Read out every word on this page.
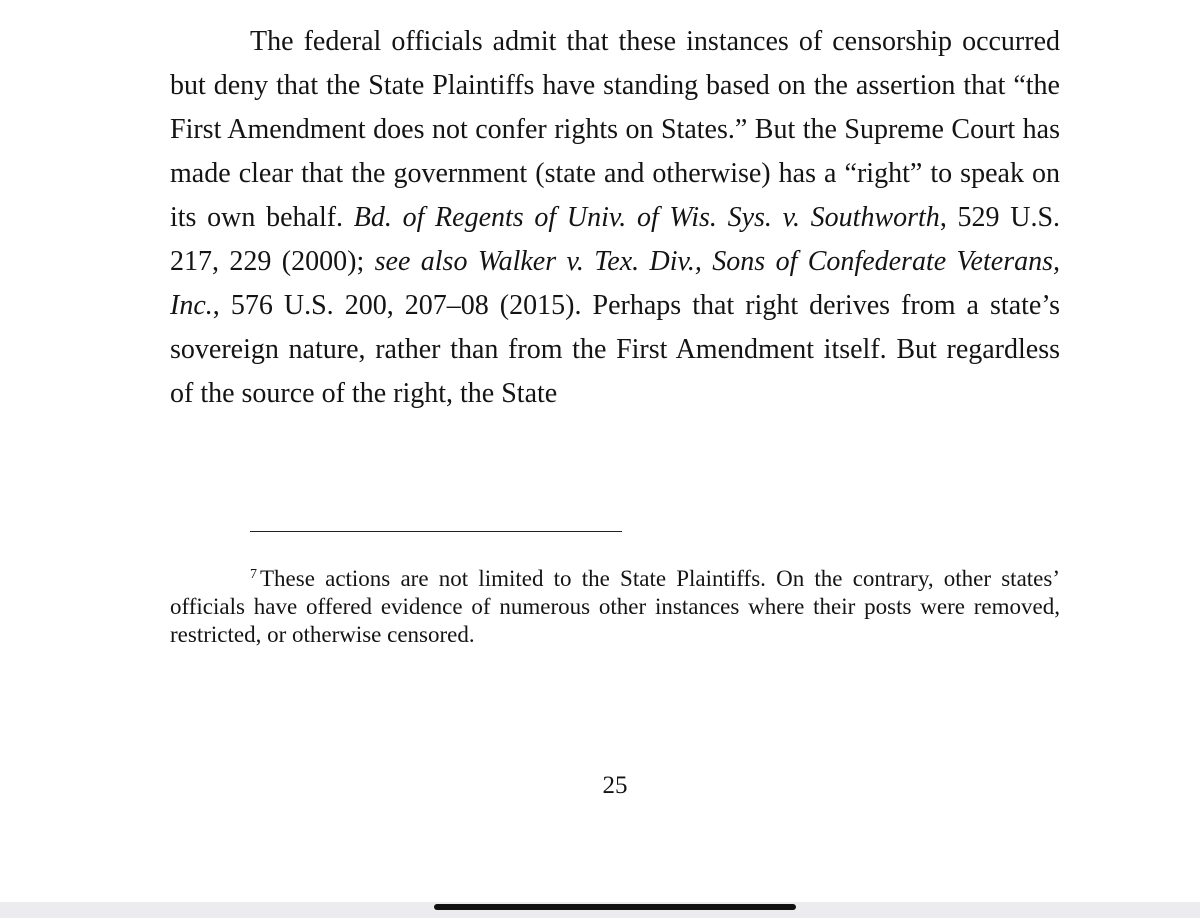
The federal officials admit that these instances of censorship occurred but deny that the State Plaintiffs have standing based on the assertion that “the First Amendment does not confer rights on States.” But the Supreme Court has made clear that the government (state and otherwise) has a “right” to speak on its own behalf. Bd. of Regents of Univ. of Wis. Sys. v. Southworth, 529 U.S. 217, 229 (2000); see also Walker v. Tex. Div., Sons of Confederate Veterans, Inc., 576 U.S. 200, 207–08 (2015). Perhaps that right derives from a state’s sovereign nature, rather than from the First Amendment itself. But regardless of the source of the right, the State

$^7$ These actions are not limited to the State Plaintiffs. On the contrary, other states’ officials have offered evidence of numerous other instances where their posts were removed, restricted, or otherwise censored.

25
